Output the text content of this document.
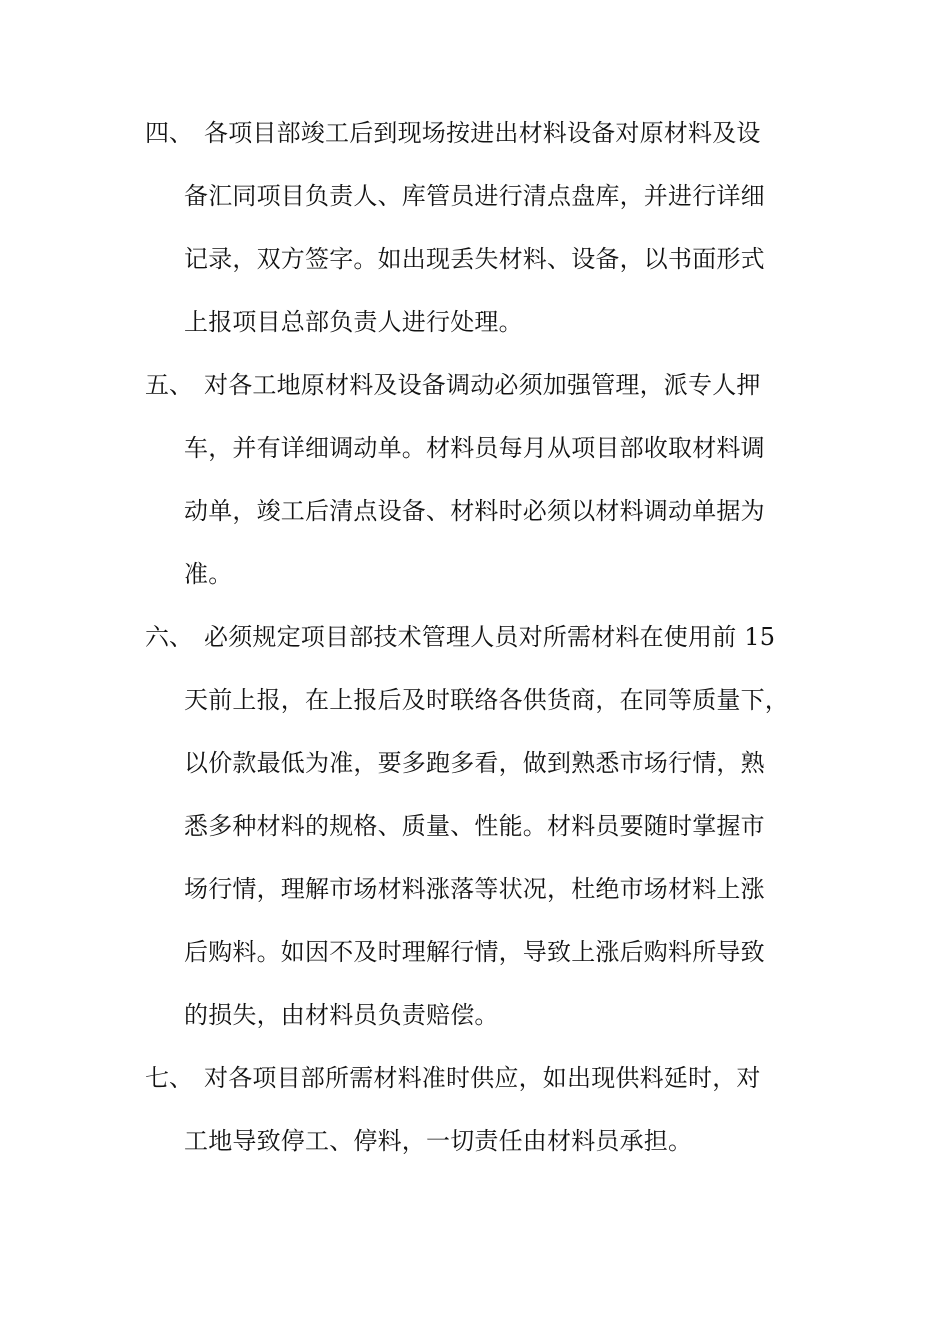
四、 各项目部竣工后到现场按进出材料设备对原材料及设
备汇同项目负责人、库管员进行清点盘库，并进行详细
记录，双方签字。如出现丢失材料、设备，以书面形式
上报项目总部负责人进行处理。
五、 对各工地原材料及设备调动必须加强管理，派专人押
车，并有详细调动单。材料员每月从项目部收取材料调
动单，竣工后清点设备、材料时必须以材料调动单据为
准。
六、 必须规定项目部技术管理人员对所需材料在使用前 15
天前上报，在上报后及时联络各供货商，在同等质量下，
以价款最低为准，要多跑多看，做到熟悉市场行情，熟
悉多种材料的规格、质量、性能。材料员要随时掌握市
场行情，理解市场材料涨落等状况，杜绝市场材料上涨
后购料。如因不及时理解行情，导致上涨后购料所导致
的损失，由材料员负责赔偿。
七、 对各项目部所需材料准时供应，如出现供料延时，对
工地导致停工、停料，一切责任由材料员承担。
